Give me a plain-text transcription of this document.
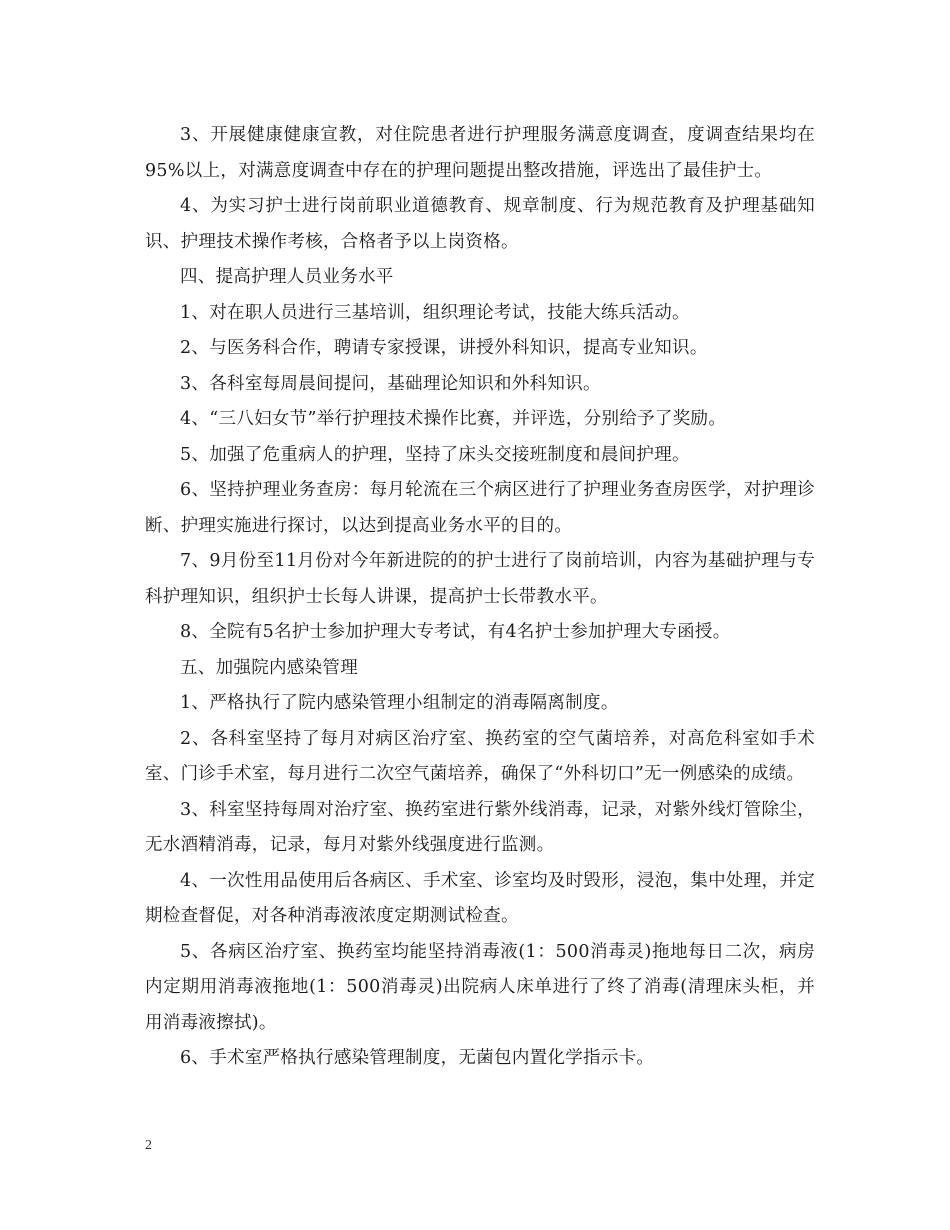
3、开展健康健康宣教，对住院患者进行护理服务满意度调查，度调查结果均在95%以上，对满意度调查中存在的护理问题提出整改措施，评选出了最佳护士。

4、为实习护士进行岗前职业道德教育、规章制度、行为规范教育及护理基础知识、护理技术操作考核，合格者予以上岗资格。

四、提高护理人员业务水平

1、对在职人员进行三基培训，组织理论考试，技能大练兵活动。

2、与医务科合作，聘请专家授课，讲授外科知识，提高专业知识。

3、各科室每周晨间提问，基础理论知识和外科知识。

4、“三八妇女节”举行护理技术操作比赛，并评选，分别给予了奖励。

5、加强了危重病人的护理，坚持了床头交接班制度和晨间护理。

6、坚持护理业务查房：每月轮流在三个病区进行了护理业务查房医学，对护理诊断、护理实施进行探讨，以达到提高业务水平的目的。

7、9月份至11月份对今年新进院的的护士进行了岗前培训，内容为基础护理与专科护理知识，组织护士长每人讲课，提高护士长带教水平。

8、全院有5名护士参加护理大专考试，有4名护士参加护理大专函授。

五、加强院内感染管理

1、严格执行了院内感染管理小组制定的消毒隔离制度。

2、各科室坚持了每月对病区治疗室、换药室的空气菌培养，对高危科室如手术室、门诊手术室，每月进行二次空气菌培养，确保了“外科切口”无一例感染的成绩。

3、科室坚持每周对治疗室、换药室进行紫外线消毒，记录，对紫外线灯管除尘，无水酒精消毒，记录，每月对紫外线强度进行监测。

4、一次性用品使用后各病区、手术室、诊室均及时毁形，浸泡，集中处理，并定期检查督促，对各种消毒液浓度定期测试检查。

5、各病区治疗室、换药室均能坚持消毒液(1：500消毒灵)拖地每日二次，病房内定期用消毒液拖地(1：500消毒灵)出院病人床单进行了终了消毒(清理床头柜，并用消毒液擦拭)。

6、手术室严格执行感染管理制度，无菌包内置化学指示卡。

2
